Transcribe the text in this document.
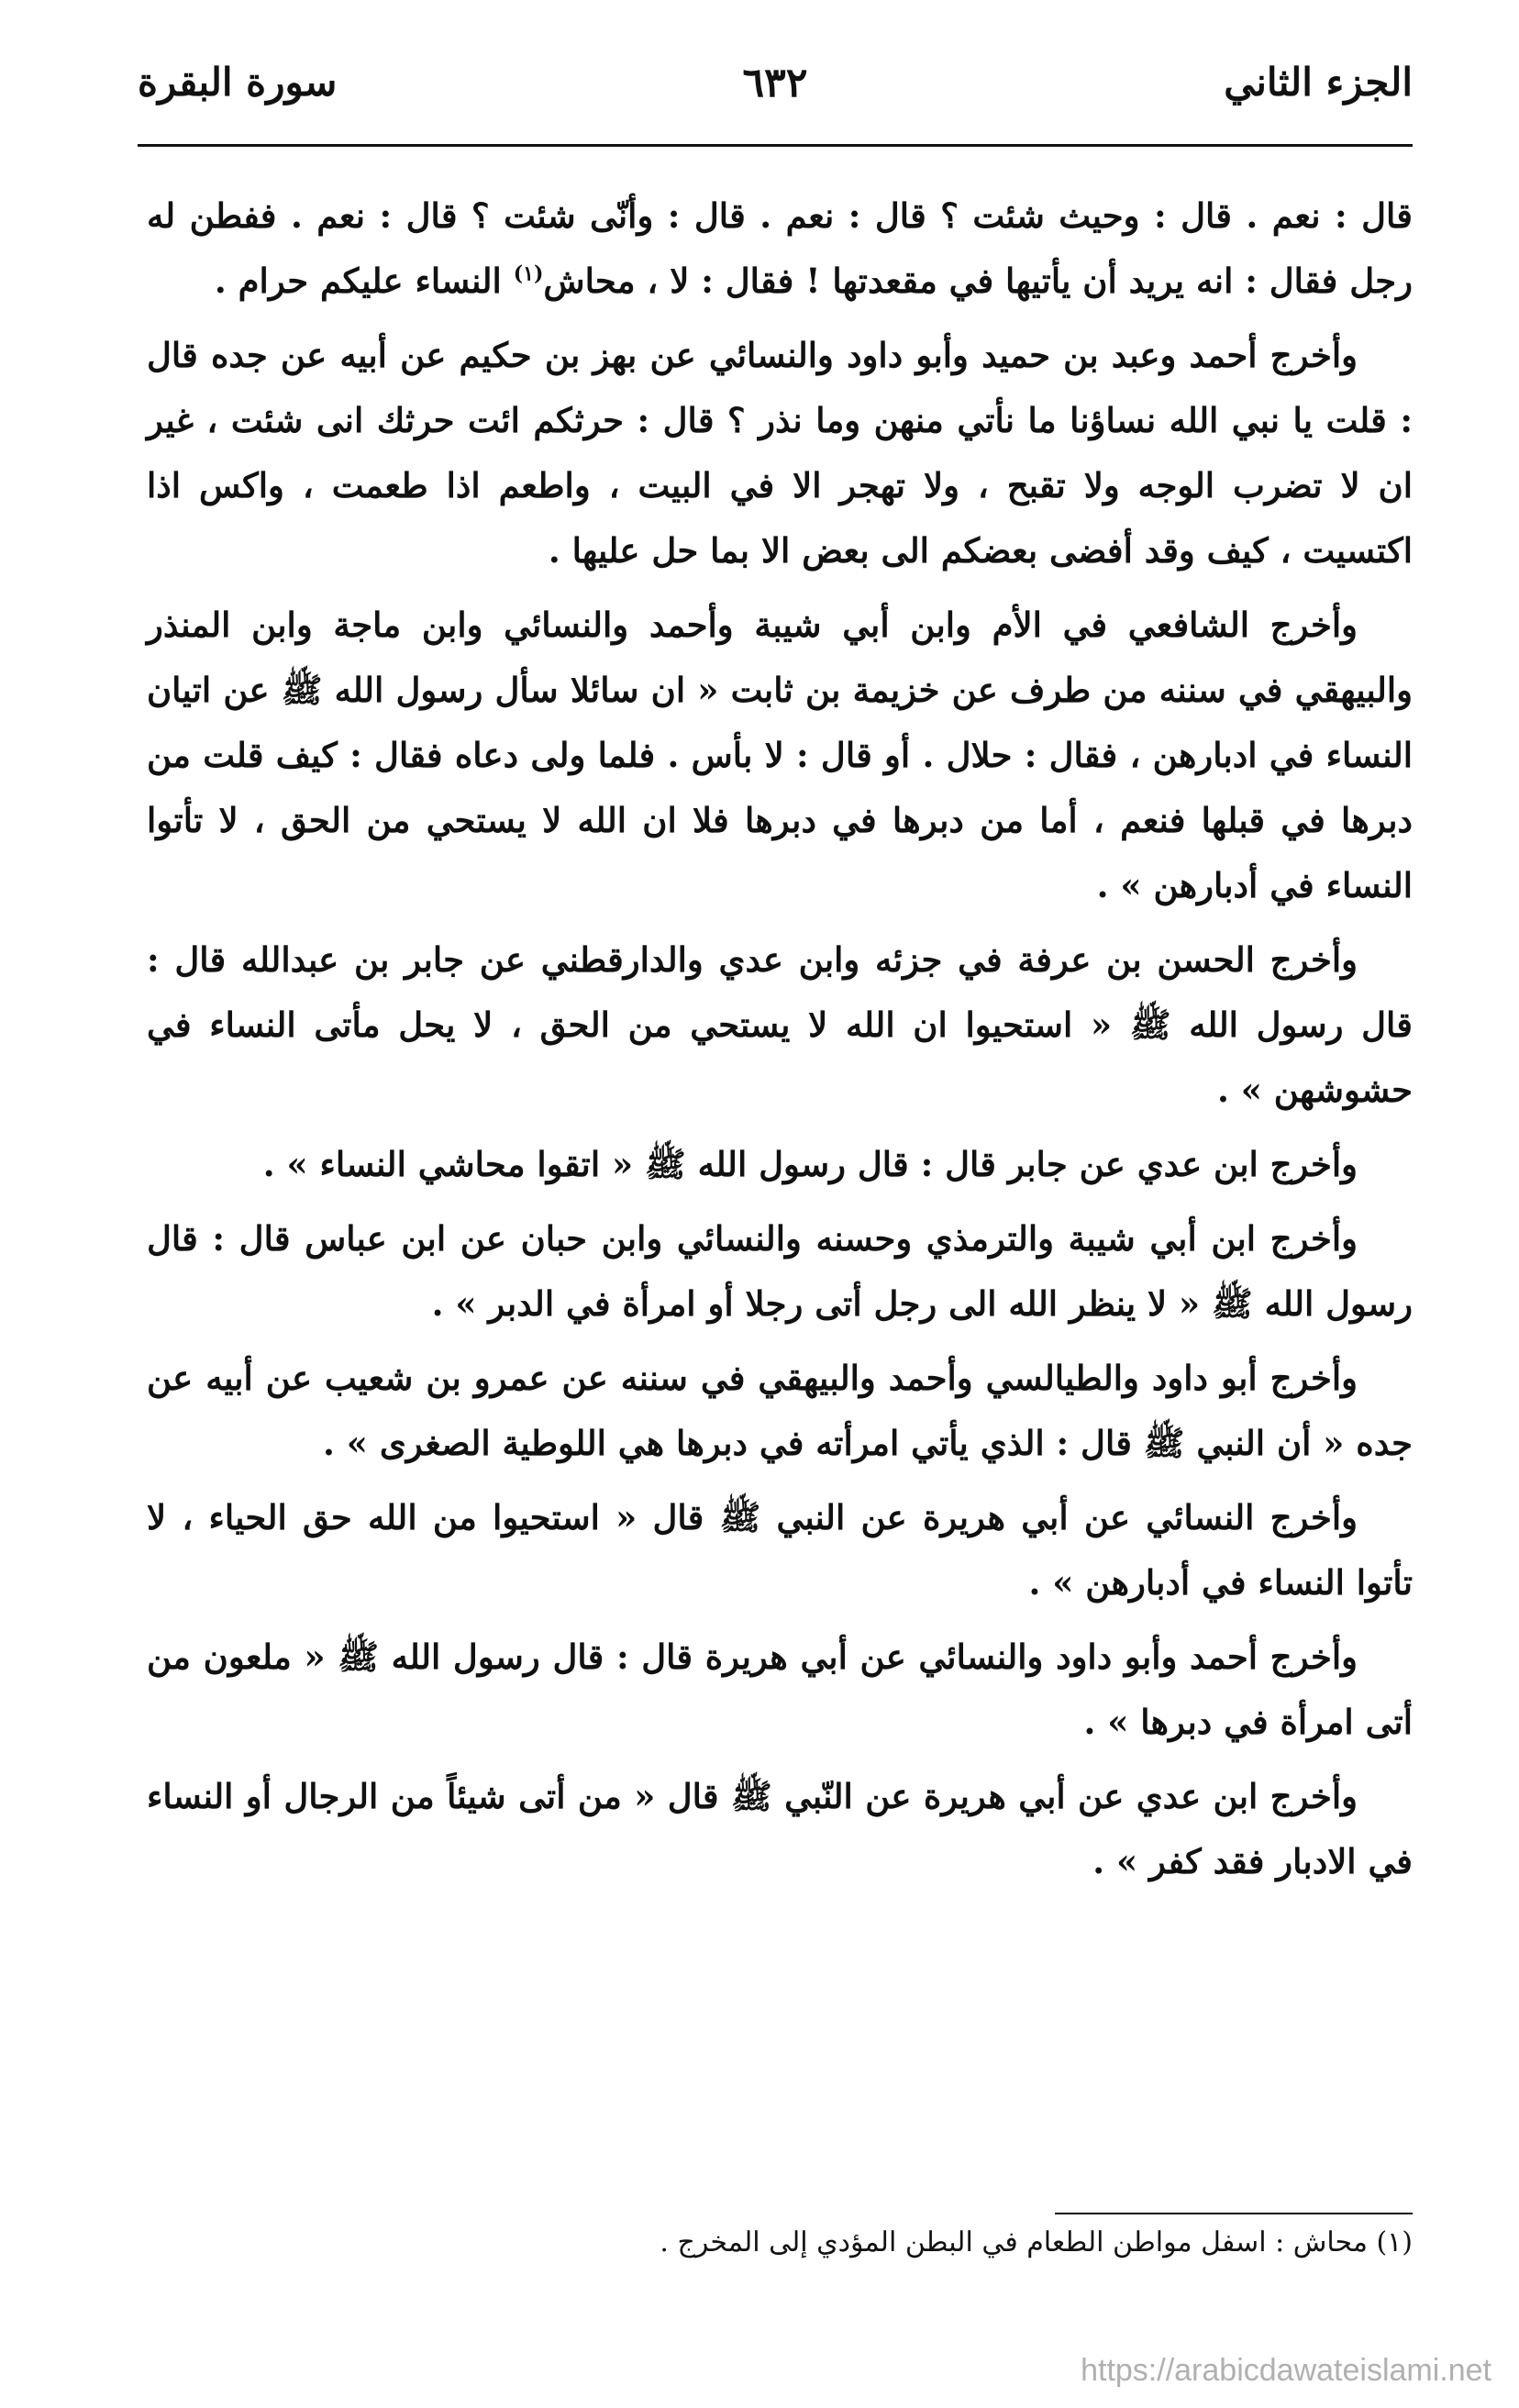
الجزء الثاني
٦٣٢
سورة البقرة

قال : نعم . قال : وحيث شئت ؟ قال : نعم . قال : وأنّى شئت ؟ قال : نعم . ففطن له رجل فقال : انه يريد أن يأتيها في مقعدتها ! فقال : لا ، محاش$^{(١)}$ النساء عليكم حرام .

وأخرج أحمد وعبد بن حميد وأبو داود والنسائي عن بهز بن حكيم عن أبيه عن جده قال : قلت يا نبي الله نساؤنا ما نأتي منهن وما نذر ؟ قال : حرثكم ائت حرثك انى شئت ، غير ان لا تضرب الوجه ولا تقبح ، ولا تهجر الا في البيت ، واطعم اذا طعمت ، واكس اذا اكتسيت ، كيف وقد أفضى بعضكم الى بعض الا بما حل عليها .

وأخرج الشافعي في الأم وابن أبي شيبة وأحمد والنسائي وابن ماجة وابن المنذر والبيهقي في سننه من طرف عن خزيمة بن ثابت « ان سائلا سأل رسول الله ﷺ عن اتيان النساء في ادبارهن ، فقال : حلال . أو قال : لا بأس . فلما ولى دعاه فقال : كيف قلت من دبرها في قبلها فنعم ، أما من دبرها في دبرها فلا ان الله لا يستحي من الحق ، لا تأتوا النساء في أدبارهن » .

وأخرج الحسن بن عرفة في جزئه وابن عدي والدارقطني عن جابر بن عبدالله قال : قال رسول الله ﷺ « استحيوا ان الله لا يستحي من الحق ، لا يحل مأتى النساء في حشوشهن » .

وأخرج ابن عدي عن جابر قال : قال رسول الله ﷺ « اتقوا محاشي النساء » .

وأخرج ابن أبي شيبة والترمذي وحسنه والنسائي وابن حبان عن ابن عباس قال : قال رسول الله ﷺ « لا ينظر الله الى رجل أتى رجلا أو امرأة في الدبر » .

وأخرج أبو داود والطيالسي وأحمد والبيهقي في سننه عن عمرو بن شعيب عن أبيه عن جده « أن النبي ﷺ قال : الذي يأتي امرأته في دبرها هي اللوطية الصغرى » .

وأخرج النسائي عن أبي هريرة عن النبي ﷺ قال « استحيوا من الله حق الحياء ، لا تأتوا النساء في أدبارهن » .

وأخرج أحمد وأبو داود والنسائي عن أبي هريرة قال : قال رسول الله ﷺ « ملعون من أتى امرأة في دبرها » .

وأخرج ابن عدي عن أبي هريرة عن النّبي ﷺ قال « من أتى شيئاً من الرجال أو النساء في الادبار فقد كفر » .

(١) محاش : اسفل مواطن الطعام في البطن المؤدي إلى المخرج .
https://arabicdawateislami.net
